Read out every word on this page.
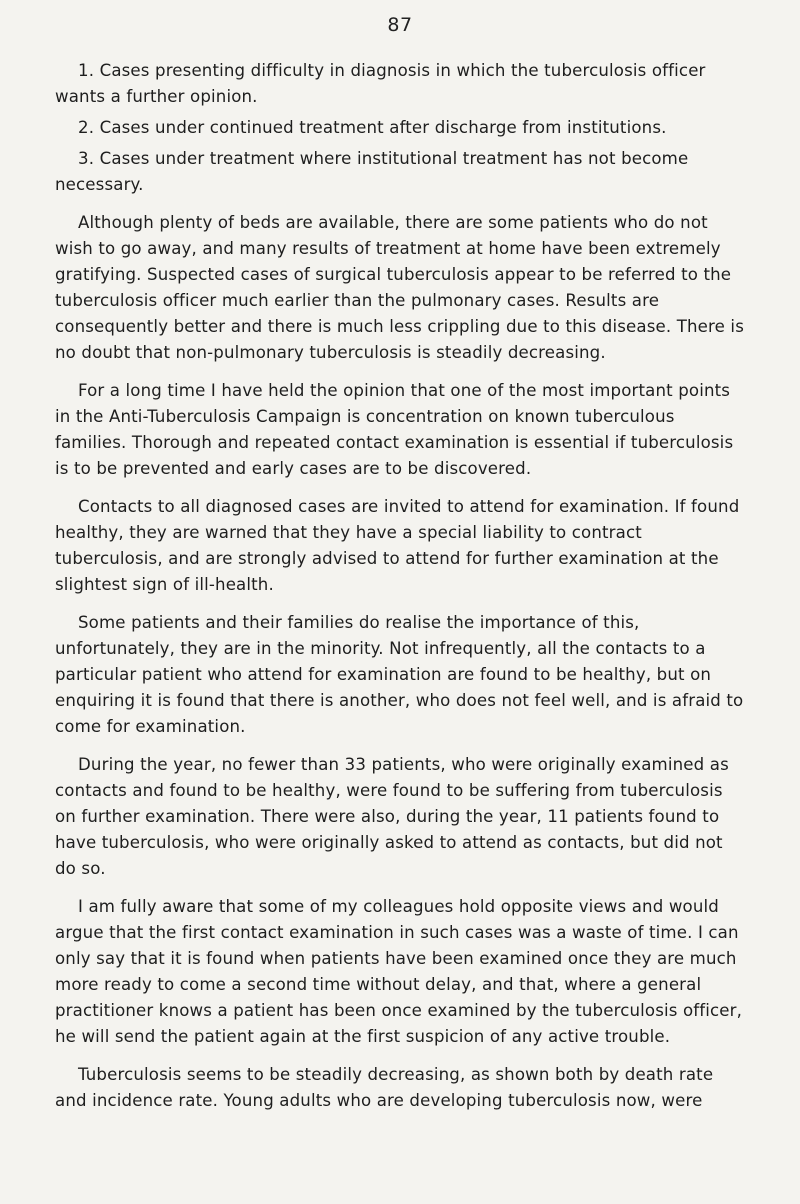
87
1. Cases presenting difficulty in diagnosis in which the tuberculosis officer wants a further opinion.
2. Cases under continued treatment after discharge from institutions.
3. Cases under treatment where institutional treatment has not become necessary.

Although plenty of beds are available, there are some patients who do not wish to go away, and many results of treatment at home have been extremely gratifying. Suspected cases of surgical tuberculosis appear to be referred to the tuberculosis officer much earlier than the pulmonary cases. Results are consequently better and there is much less crippling due to this disease. There is no doubt that non-pulmonary tuberculosis is steadily decreasing.

For a long time I have held the opinion that one of the most important points in the Anti-Tuberculosis Campaign is concentration on known tuberculous families. Thorough and repeated contact examination is essential if tuberculosis is to be prevented and early cases are to be discovered.

Contacts to all diagnosed cases are invited to attend for examination. If found healthy, they are warned that they have a special liability to contract tuberculosis, and are strongly advised to attend for further examination at the slightest sign of ill-health.

Some patients and their families do realise the importance of this, unfortunately, they are in the minority. Not infrequently, all the contacts to a particular patient who attend for examination are found to be healthy, but on enquiring it is found that there is another, who does not feel well, and is afraid to come for examination.

During the year, no fewer than 33 patients, who were originally examined as contacts and found to be healthy, were found to be suffering from tuberculosis on further examination. There were also, during the year, 11 patients found to have tuberculosis, who were originally asked to attend as contacts, but did not do so.

I am fully aware that some of my colleagues hold opposite views and would argue that the first contact examination in such cases was a waste of time. I can only say that it is found when patients have been examined once they are much more ready to come a second time without delay, and that, where a general practitioner knows a patient has been once examined by the tuberculosis officer, he will send the patient again at the first suspicion of any active trouble.

Tuberculosis seems to be steadily decreasing, as shown both by death rate and incidence rate. Young adults who are developing tuberculosis now, were
